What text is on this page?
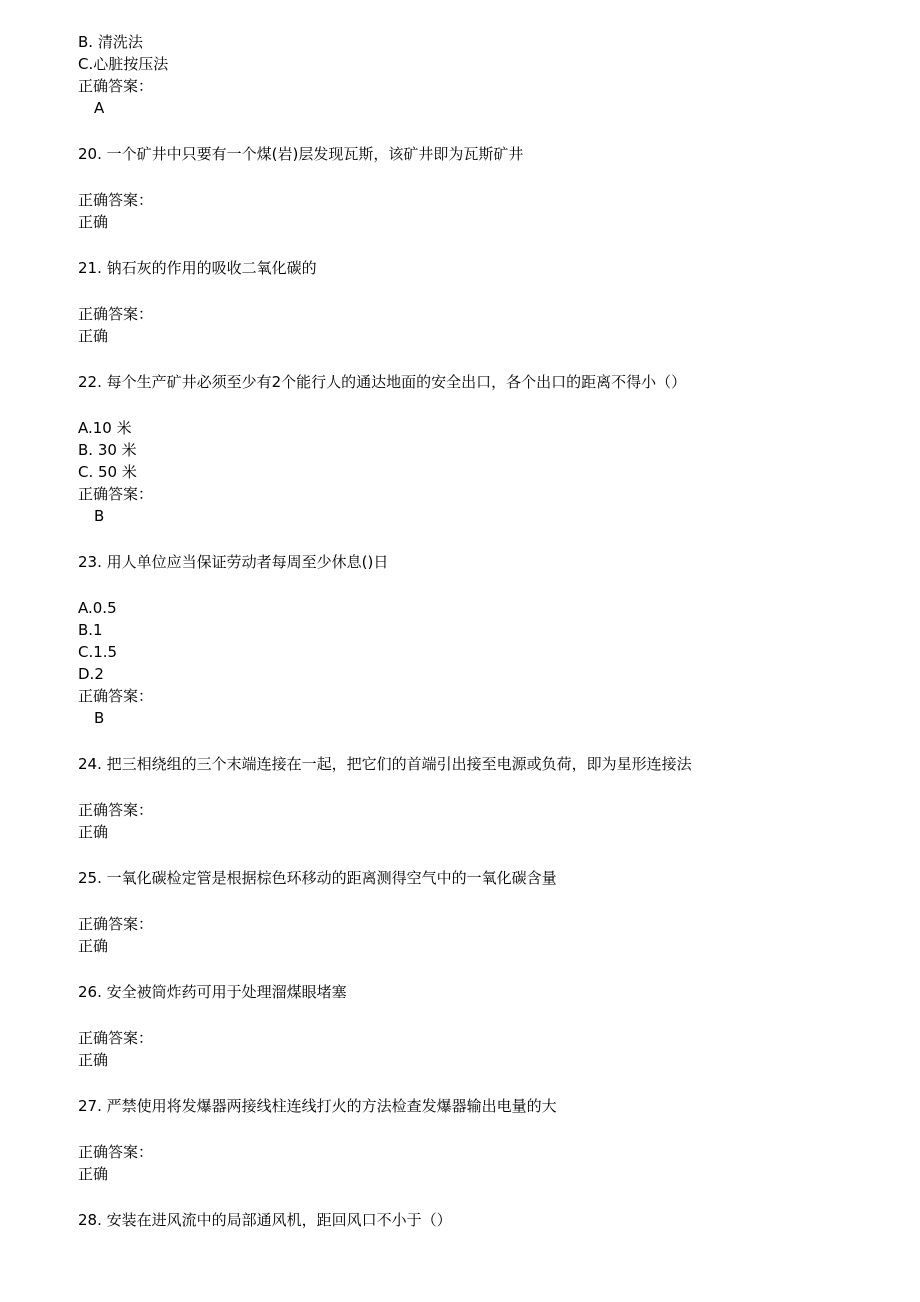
B. 清洗法
C.心脏按压法
正确答案：
A
20. 一个矿井中只要有一个煤(岩)层发现瓦斯，该矿井即为瓦斯矿井
正确答案：
正确
21. 钠石灰的作用的吸收二氧化碳的
正确答案：
正确
22. 每个生产矿井必须至少有2个能行人的通达地面的安全出口，各个出口的距离不得小（）
A.10 米
B. 30 米
C. 50 米
正确答案：
B
23. 用人单位应当保证劳动者每周至少休息()日
A.0.5
B.1
C.1.5
D.2
正确答案：
B
24. 把三相绕组的三个末端连接在一起，把它们的首端引出接至电源或负荷，即为星形连接法
正确答案：
正确
25. 一氧化碳检定管是根据棕色环移动的距离测得空气中的一氧化碳含量
正确答案：
正确
26. 安全被筒炸药可用于处理溜煤眼堵塞
正确答案：
正确
27. 严禁使用将发爆器两接线柱连线打火的方法检查发爆器输出电量的大
正确答案：
正确
28. 安装在进风流中的局部通风机，距回风口不小于（）
